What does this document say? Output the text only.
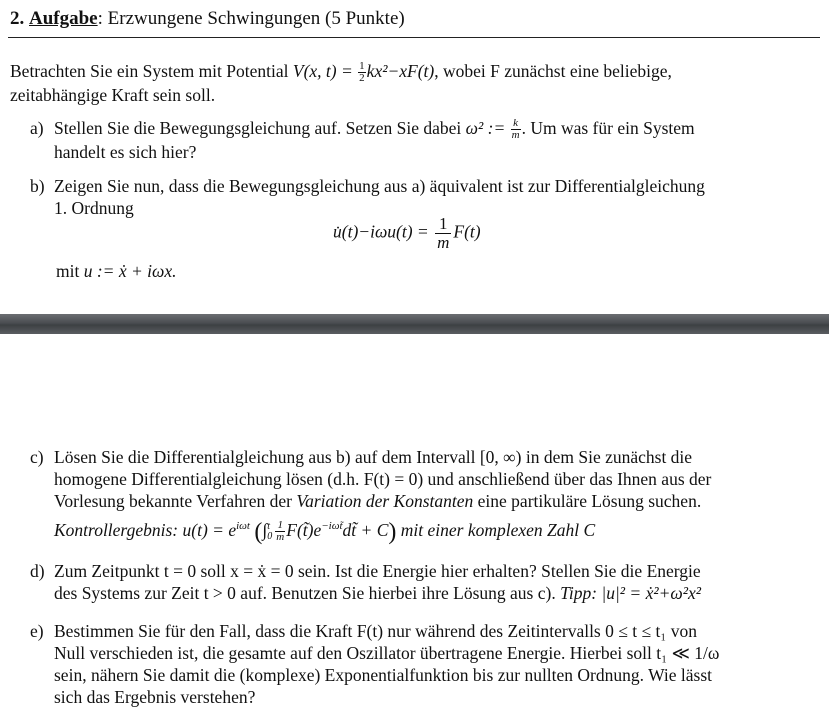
2. Aufgabe: Erzwungene Schwingungen (5 Punkte)
Betrachten Sie ein System mit Potential V(x, $t) = \frac{1}{2} kx^2-xF(t)$, wobei F zunächst eine beliebige,
zeitabhängige Kraft sein soll.
a) Stellen Sie die Bewegungsgleichung auf. Setzen Sie dabei ω² := $\frac{k}{m}$ . Um was für ein System
handelt es sich hier?
b) Zeigen Sie nun, dass die Bewegungsgleichung aus a) äquivalent ist zur Differentialgleichung
1. Ordnung
u̇(t)−iωu(t) = $\frac{1}{m} F(t)$
mit u := ẋ + iωx.
c) Lösen Sie die Differentialgleichung aus b) auf dem Intervall [0, ∞) in dem Sie zunächst die
homogene Differentialgleichung lösen (d.h. F(t) = 0) und anschließend über das Ihnen aus der
Vorlesung bekannte Verfahren der Variation der Konstanten eine partikuläre Lösung suchen.
Kontrollergebnis: $u(t) = e^{i\omega t}$ (∫ t
$0 \frac{1}{m}$ $F(t̃)e^{-i\omega t̃}dt̃ + C$) mit einer komplexen Zahl C
d) Zum Zeitpunkt t = 0 soll x = ẋ = 0 sein. Ist die Energie hier erhalten? Stellen Sie die Energie
des Systems zur Zeit t > 0 auf. Benutzen Sie hierbei ihre Lösung aus c). Tipp: |u|² = ẋ²+ω²x²
e) Bestimmen Sie für den Fall, dass die Kraft F(t) nur während des Zeitintervalls 0 ≤ t ≤ t₁ von
Null verschieden ist, die gesamte auf den Oszillator übertragene Energie. Hierbei soll t₁ ≪ 1/ω
sein, nähern Sie damit die (komplexe) Exponentialfunktion bis zur nullten Ordnung. Wie lässt
sich das Ergebnis verstehen?
